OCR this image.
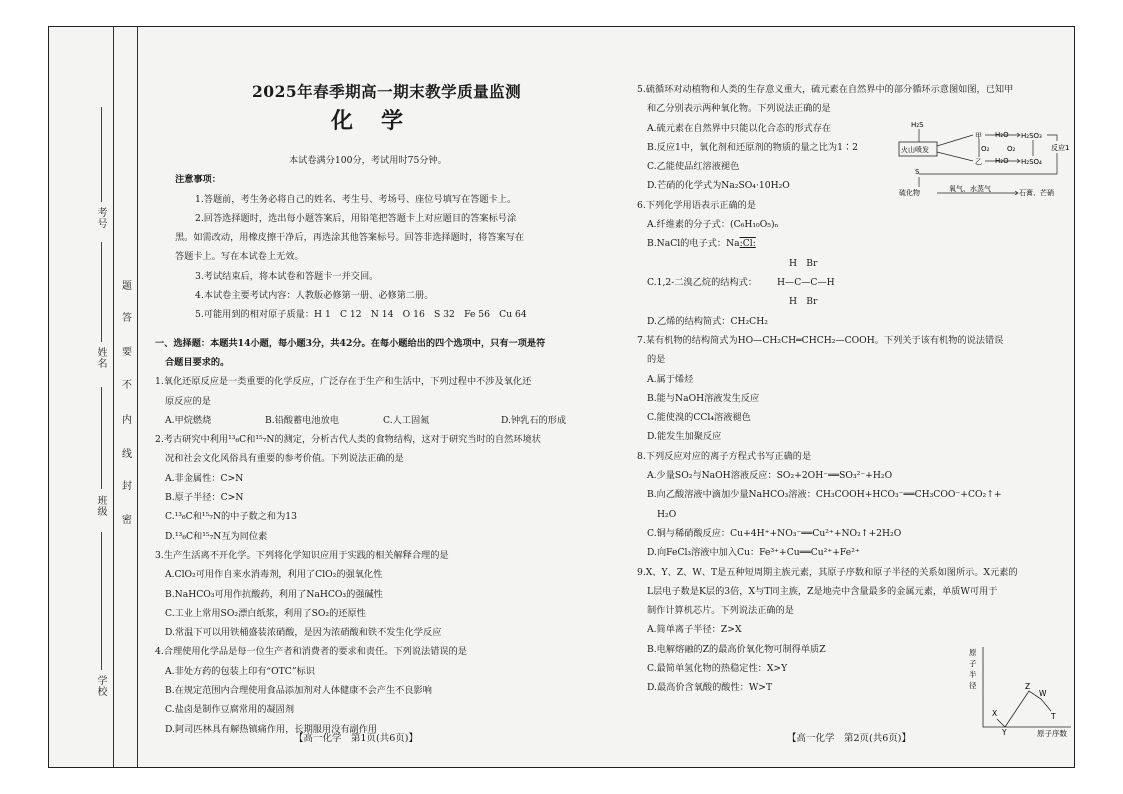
考号
姓名
班级
学校
题
答
要
不
内
线
封
密
2025年春季期高一期末教学质量监测
化学

本试卷满分100分，考试用时75分钟。

注意事项：

1.答题前，考生务必将自己的姓名、考生号、考场号、座位号填写在答题卡上。

2.回答选择题时，选出每小题答案后，用铅笔把答题卡上对应题目的答案标号涂

黑。如需改动，用橡皮擦干净后，再选涂其他答案标号。回答非选择题时，将答案写在

答题卡上。写在本试卷上无效。

3.考试结束后，将本试卷和答题卡一并交回。

4.本试卷主要考试内容：人教版必修第一册、必修第二册。

5.可能用到的相对原子质量：H 1　C 12　N 14　O 16　S 32　Fe 56　Cu 64

一、选择题：本题共14小题，每小题3分，共42分。在每小题给出的四个选项中，只有一项是符

合题目要求的。

1.氧化还原反应是一类重要的化学反应，广泛存在于生产和生活中，下列过程中不涉及氧化还

原反应的是

A.甲烷燃烧	B.铅酸蓄电池放电	C.人工固氮	D.钟乳石的形成

2.考古研究中利用¹³₆C和¹⁵₇N的测定，分析古代人类的食物结构，这对于研究当时的自然环境状

况和社会文化风俗具有重要的参考价值。下列说法正确的是

A.非金属性：C>N

B.原子半径：C>N

C.¹³₆C和¹⁵₇N的中子数之和为13

D.¹³₆C和¹⁵₇N互为同位素

3.生产生活离不开化学。下列将化学知识应用于实践的相关解释合理的是

A.ClO₂可用作自来水消毒剂，利用了ClO₂的强氧化性

B.NaHCO₃可用作抗酸药，利用了NaHCO₃的强碱性

C.工业上常用SO₂漂白纸浆，利用了SO₂的还原性

D.常温下可以用铁桶盛装浓硝酸，是因为浓硝酸和铁不发生化学反应

4.合理使用化学品是每一位生产者和消费者的要求和责任。下列说法错误的是

A.非处方药的包装上印有“OTC”标识

B.在规定范围内合理使用食品添加剂对人体健康不会产生不良影响

C.盐卤是制作豆腐常用的凝固剂

D.阿司匹林具有解热镇痛作用，长期服用没有副作用

【高一化学　第1页(共6页)】

5.硫循环对动植物和人类的生存意义重大，硫元素在自然界中的部分循环示意图如图，已知甲

和乙分别表示两种氧化物。下列说法正确的是

A.硫元素在自然界中只能以化合态的形式存在

B.反应1中，氧化剂和还原剂的物质的量之比为1∶2

C.乙能使品红溶液褪色

D.芒硝的化学式为Na₂SO₄·10H₂O

6.下列化学用语表示正确的是

A.纤维素的分子式：(C₆H₁₀O₅)ₙ

B.NaCl的电子式：Na:Cl:

C.1,2-二溴乙烷的结构式：
H　Br
H—C—C—H
H　Br

D.乙烯的结构简式：CH₂CH₂

7.某有机物的结构简式为HO—CH₂CH═CHCH₂—COOH。下列关于该有机物的说法错误

的是

A.属于烯烃

B.能与NaOH溶液发生反应

C.能使溴的CCl₄溶液褪色

D.能发生加聚反应

8.下列反应对应的离子方程式书写正确的是

A.少量SO₂与NaOH溶液反应：SO₂+2OH⁻══SO₃²⁻+H₂O

B.向乙酸溶液中滴加少量NaHCO₃溶液：CH₃COOH+HCO₃⁻══CH₃COO⁻+CO₂↑+

H₂O

C.铜与稀硝酸反应：Cu+4H⁺+NO₃⁻══Cu²⁺+NO₂↑+2H₂O

D.向FeCl₃溶液中加入Cu：Fe³⁺+Cu══Cu²⁺+Fe²⁺

9.X、Y、Z、W、T是五种短周期主族元素，其原子序数和原子半径的关系如图所示。X元素的

L层电子数是K层的3倍，X与T同主族，Z是地壳中含量最多的金属元素，单质W可用于

制作计算机芯片。下列说法正确的是

A.简单离子半径：Z>X

B.电解熔融的Z的最高价氧化物可制得单质Z

C.最简单氢化物的热稳定性：X>Y

D.最高价含氧酸的酸性：W>T

H₂S
火山喷发
甲
乙
O₂
H₂O
H₂O
O₂
H₂SO₃
H₂SO₄
反应1
S
硫化物	氧气、水蒸气	石膏、芒硝
原
子
半
径
原子序数
X
Y
Z
W
T
【高一化学　第2页(共6页)】
